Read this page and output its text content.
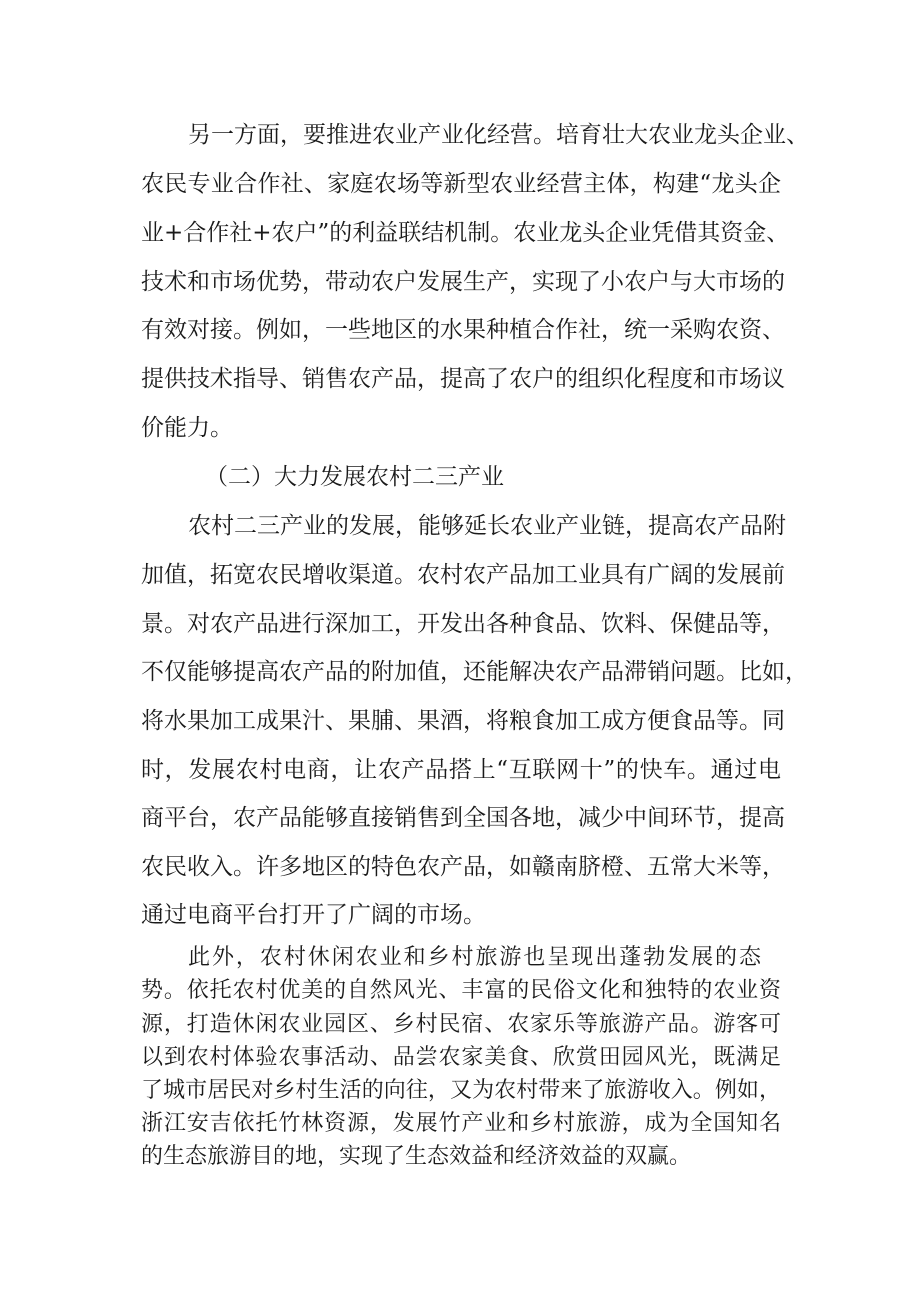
另一方面，要推进农业产业化经营。培育壮大农业龙头企业、
农民专业合作社、家庭农场等新型农业经营主体，构建“龙头企
业+合作社+农户”的利益联结机制。农业龙头企业凭借其资金、
技术和市场优势，带动农户发展生产，实现了小农户与大市场的
有效对接。例如，一些地区的水果种植合作社，统一采购农资、
提供技术指导、销售农产品，提高了农户的组织化程度和市场议
价能力。
（二）大力发展农村二三产业
农村二三产业的发展，能够延长农业产业链，提高农产品附
加值，拓宽农民增收渠道。农村农产品加工业具有广阔的发展前
景。对农产品进行深加工，开发出各种食品、饮料、保健品等，
不仅能够提高农产品的附加值，还能解决农产品滞销问题。比如，
将水果加工成果汁、果脯、果酒，将粮食加工成方便食品等。同
时，发展农村电商，让农产品搭上“互联网十”的快车。通过电
商平台，农产品能够直接销售到全国各地，减少中间环节，提高
农民收入。许多地区的特色农产品，如赣南脐橙、五常大米等，
通过电商平台打开了广阔的市场。
此外，农村休闲农业和乡村旅游也呈现出蓬勃发展的态
势。依托农村优美的自然风光、丰富的民俗文化和独特的农业资
源，打造休闲农业园区、乡村民宿、农家乐等旅游产品。游客可
以到农村体验农事活动、品尝农家美食、欣赏田园风光，既满足
了城市居民对乡村生活的向往，又为农村带来了旅游收入。例如，
浙江安吉依托竹林资源，发展竹产业和乡村旅游，成为全国知名
的生态旅游目的地，实现了生态效益和经济效益的双赢。
